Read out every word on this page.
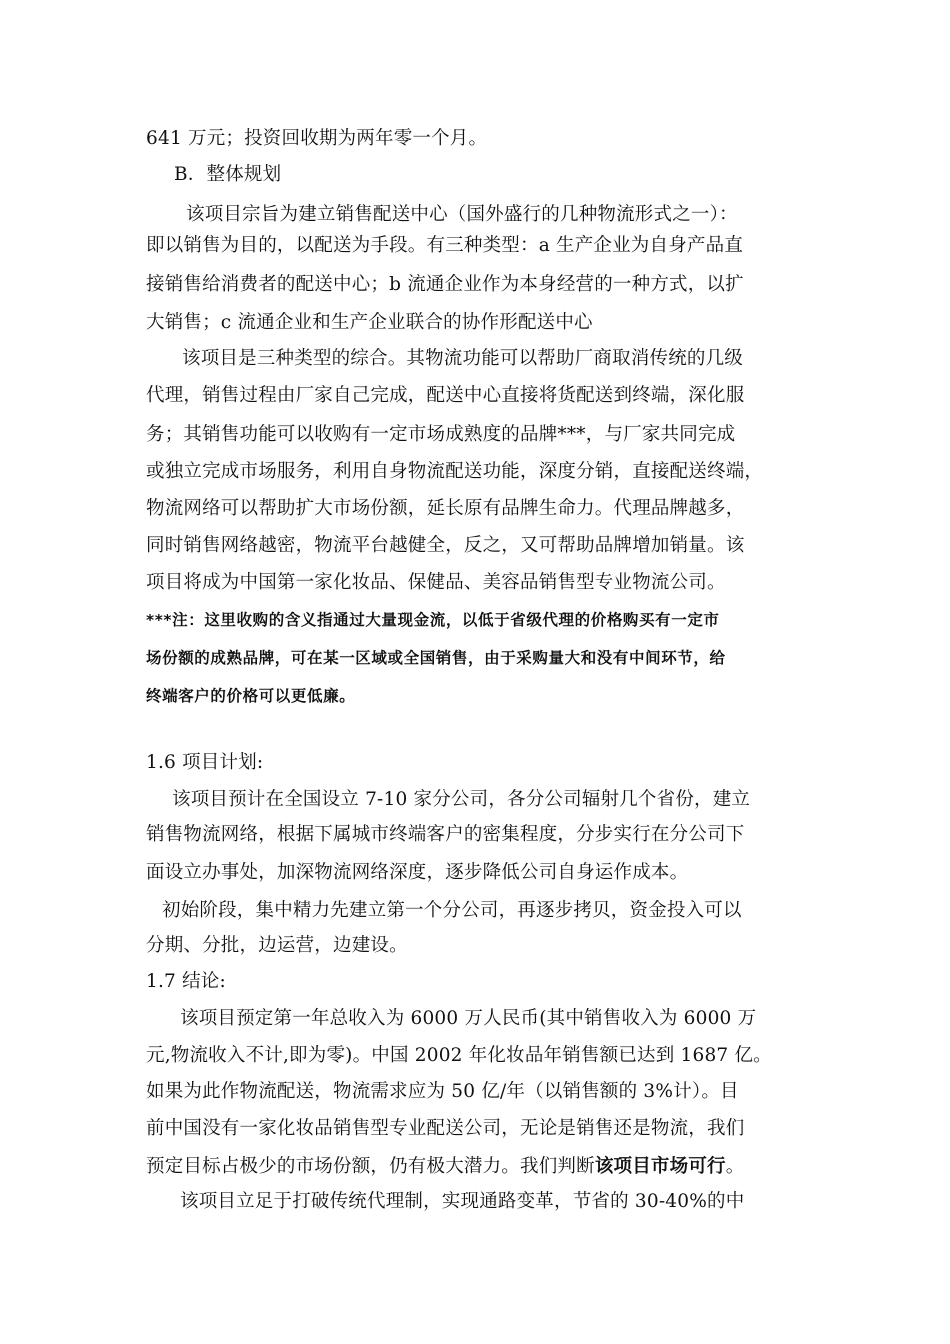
641 万元；投资回收期为两年零一个月。
B．整体规划
该项目宗旨为建立销售配送中心（国外盛行的几种物流形式之一）：
即以销售为目的，以配送为手段。有三种类型：a 生产企业为自身产品直
接销售给消费者的配送中心；b 流通企业作为本身经营的一种方式，以扩
大销售；c 流通企业和生产企业联合的协作形配送中心
该项目是三种类型的综合。其物流功能可以帮助厂商取消传统的几级
代理，销售过程由厂家自己完成，配送中心直接将货配送到终端，深化服
务；其销售功能可以收购有一定市场成熟度的品牌***，与厂家共同完成
或独立完成市场服务，利用自身物流配送功能，深度分销，直接配送终端，
物流网络可以帮助扩大市场份额，延长原有品牌生命力。代理品牌越多，
同时销售网络越密，物流平台越健全，反之，又可帮助品牌增加销量。该
项目将成为中国第一家化妆品、保健品、美容品销售型专业物流公司。
***注：这里收购的含义指通过大量现金流，以低于省级代理的价格购买有一定市
场份额的成熟品牌，可在某一区域或全国销售，由于采购量大和没有中间环节，给
终端客户的价格可以更低廉。
1.6 项目计划:
该项目预计在全国设立 7-10 家分公司，各分公司辐射几个省份，建立
销售物流网络，根据下属城市终端客户的密集程度，分步实行在分公司下
面设立办事处，加深物流网络深度，逐步降低公司自身运作成本。
初始阶段，集中精力先建立第一个分公司，再逐步拷贝，资金投入可以
分期、分批，边运营，边建设。
1.7 结论:
该项目预定第一年总收入为 6000 万人民币(其中销售收入为 6000 万
元,物流收入不计,即为零)。中国 2002 年化妆品年销售额已达到 1687 亿。
如果为此作物流配送，物流需求应为 50 亿/年（以销售额的 3%计）。目
前中国没有一家化妆品销售型专业配送公司，无论是销售还是物流，我们
预定目标占极少的市场份额，仍有极大潜力。我们判断该项目市场可行。
该项目立足于打破传统代理制，实现通路变革，节省的 30-40%的中
